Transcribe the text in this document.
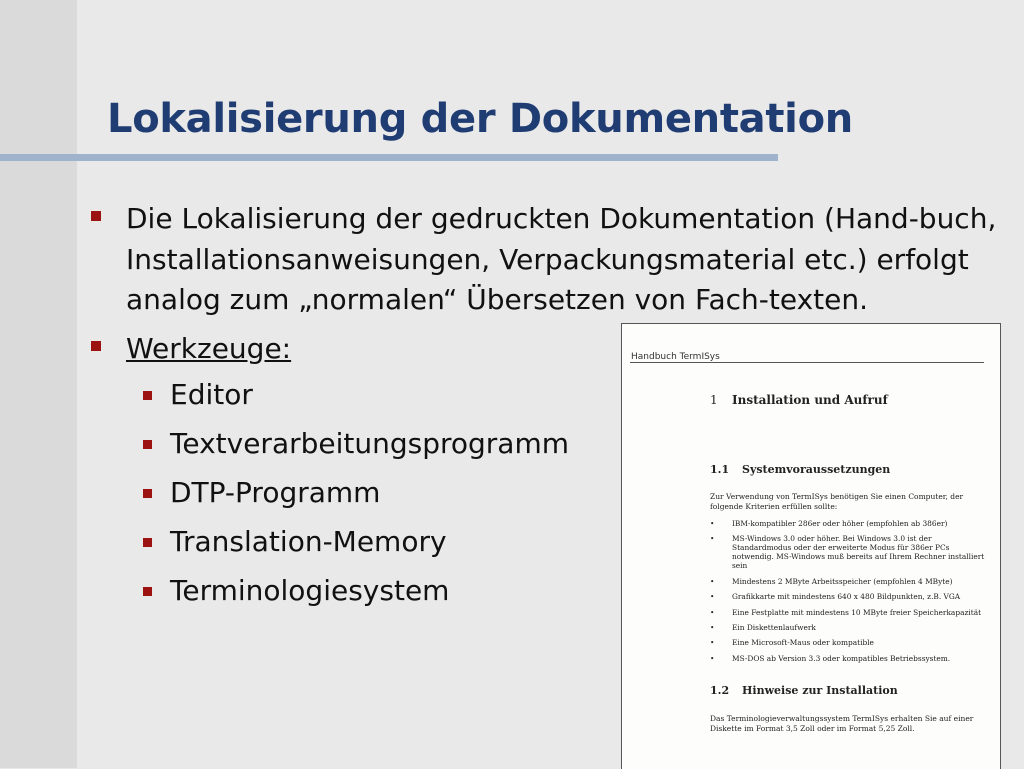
Lokalisierung der Dokumentation
Die Lokalisierung der gedruckten Dokumentation (Hand-buch, Installationsanweisungen, Verpackungsmaterial etc.) erfolgt analog zum „normalen“ Übersetzen von Fach-texten.
Werkzeuge:
Editor
Textverarbeitungsprogramm
DTP-Programm
Translation-Memory
Terminologiesystem
Handbuch TermISys
1 Installation und Aufruf
1.1 Systemvoraussetzungen
Zur Verwendung von TermISys benötigen Sie einen Computer, der folgende Kriterien erfüllen sollte:
• IBM-kompatibler 286er oder höher (empfohlen ab 386er)
• MS-Windows 3.0 oder höher. Bei Windows 3.0 ist der Standardmodus oder der erweiterte Modus für 386er PCs notwendig. MS-Windows muß bereits auf Ihrem Rechner installiert sein
• Mindestens 2 MByte Arbeitsspeicher (empfohlen 4 MByte)
• Grafikkarte mit mindestens 640 x 480 Bildpunkten, z.B. VGA
• Eine Festplatte mit mindestens 10 MByte freier Speicherkapazität
• Ein Diskettenlaufwerk
• Eine Microsoft-Maus oder kompatible
• MS-DOS ab Version 3.3 oder kompatibles Betriebssystem.
1.2 Hinweise zur Installation
Das Terminologieverwaltungssystem TermISys erhalten Sie auf einer Diskette im Format 3,5 Zoll oder im Format 5,25 Zoll.
